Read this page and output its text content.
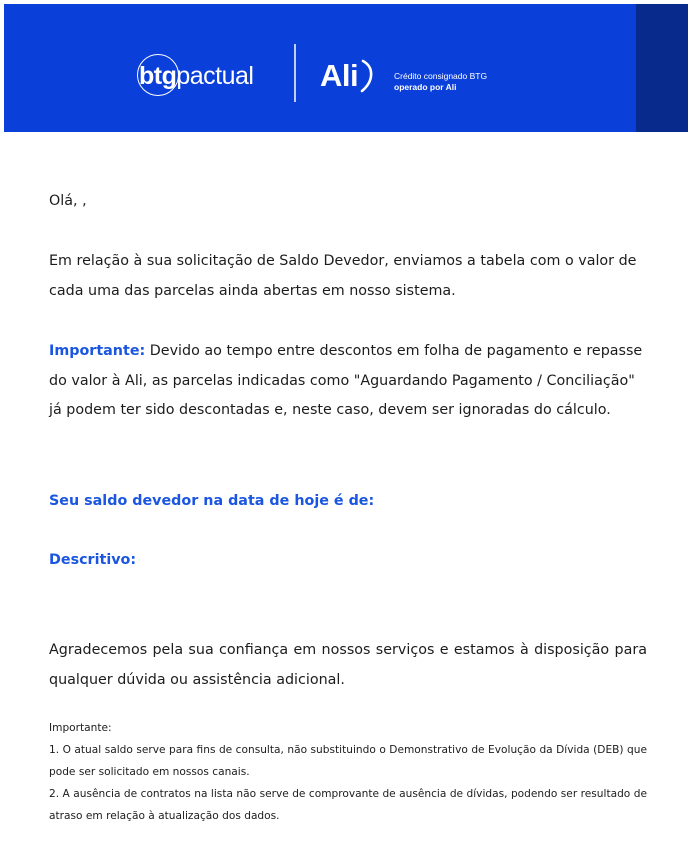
btgpactual Ali	Crédito consignado BTG
operado por Ali

Olá, ,

Em relação à sua solicitação de Saldo Devedor, enviamos a tabela com o valor de cada uma das parcelas ainda abertas em nosso sistema.

Importante: Devido ao tempo entre descontos em folha de pagamento e repasse do valor à Ali, as parcelas indicadas como "Aguardando Pagamento / Conciliação" já podem ter sido descontadas e, neste caso, devem ser ignoradas do cálculo.

Seu saldo devedor na data de hoje é de:

Descritivo:

Agradecemos pela sua confiança em nossos serviços e estamos à disposição para qualquer dúvida ou assistência adicional.

Importante:

1. O atual saldo serve para fins de consulta, não substituindo o Demonstrativo de Evolução da Dívida (DEB) que pode ser solicitado em nossos canais.

2. A ausência de contratos na lista não serve de comprovante de ausência de dívidas, podendo ser resultado de atraso em relação à atualização dos dados.
